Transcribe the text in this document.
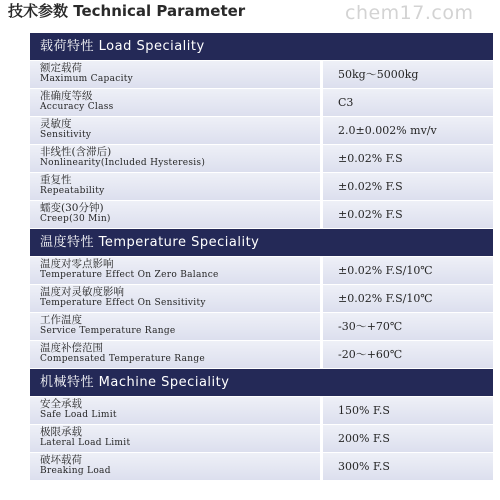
技术参数 Technical Parameter	chem17.com
载荷特性 Load Speciality
额定载荷
Maximum Capacity	50kg～5000kg
准确度等级
Accuracy Class	C3
灵敏度
Sensitivity	2.0±0.002% mv/v
非线性(含滞后)
Nonlinearity(Included Hysteresis)	±0.02% F.S
重复性
Repeatability	±0.02% F.S
蠕变(30分钟)
Creep(30 Min)	±0.02% F.S
温度特性 Temperature Speciality
温度对零点影响
Temperature Effect On Zero Balance	±0.02% F.S/10℃
温度对灵敏度影响
Temperature Effect On Sensitivity	±0.02% F.S/10℃
工作温度
Service Temperature Range	-30～+70℃
温度补偿范围
Compensated Temperature Range	-20～+60℃
机械特性 Machine Speciality
安全承载
Safe Load Limit	150% F.S
极限承载
Lateral Load Limit	200% F.S
破坏载荷
Breaking Load	300% F.S
